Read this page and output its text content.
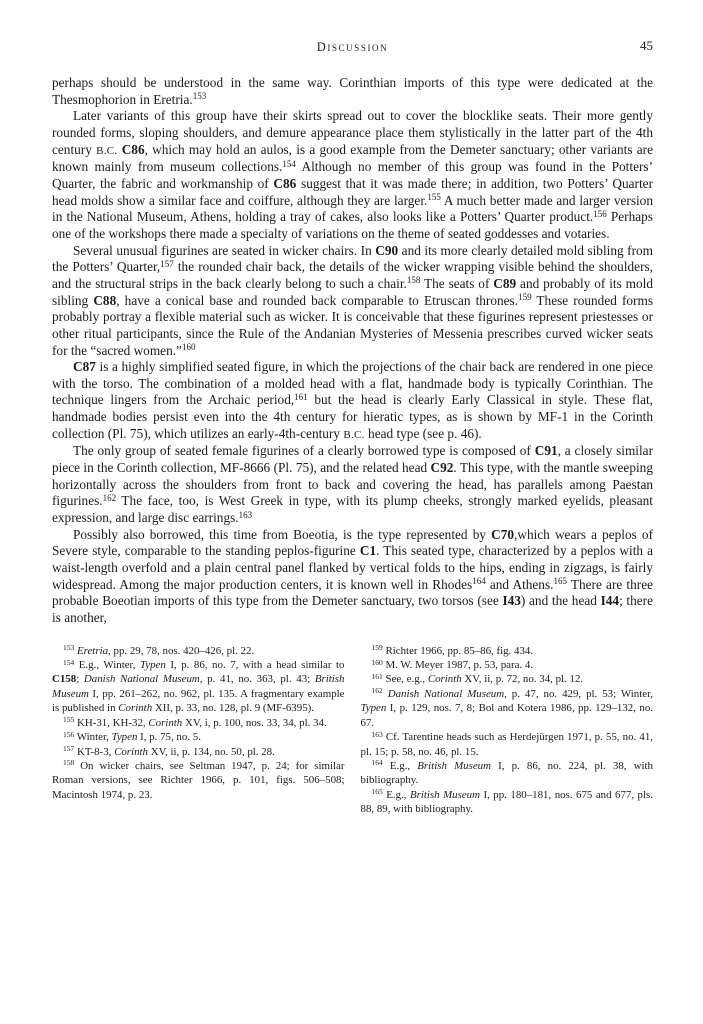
Discussion	45

perhaps should be understood in the same way. Corinthian imports of this type were dedicated at the Thesmophorion in Eretria.$^{153}$

Later variants of this group have their skirts spread out to cover the blocklike seats. Their more gently rounded forms, sloping shoulders, and demure appearance place them stylistically in the latter part of the 4th century B.C. C86, which may hold an aulos, is a good example from the Demeter sanctuary; other variants are known mainly from museum collections.$^{154}$ Although no member of this group was found in the Potters’ Quarter, the fabric and workmanship of C86 suggest that it was made there; in addition, two Potters’ Quarter head molds show a similar face and coiffure, although they are larger.$^{155}$ A much better made and larger version in the National Museum, Athens, holding a tray of cakes, also looks like a Potters’ Quarter product.$^{156}$ Perhaps one of the workshops there made a specialty of variations on the theme of seated goddesses and votaries.

Several unusual figurines are seated in wicker chairs. In C90 and its more clearly detailed mold sibling from the Potters’ Quarter,$^{157}$ the rounded chair back, the details of the wicker wrapping visible behind the shoulders, and the structural strips in the back clearly belong to such a chair.$^{158}$ The seats of C89 and probably of its mold sibling C88, have a conical base and rounded back comparable to Etruscan thrones.$^{159}$ These rounded forms probably portray a flexible material such as wicker. It is conceivable that these figurines represent priestesses or other ritual participants, since the Rule of the Andanian Mysteries of Messenia prescribes curved wicker seats for the “sacred women.”$^{160}$

C87 is a highly simplified seated figure, in which the projections of the chair back are rendered in one piece with the torso. The combination of a molded head with a flat, handmade body is typically Corinthian. The technique lingers from the Archaic period,$^{161}$ but the head is clearly Early Classical in style. These flat, handmade bodies persist even into the 4th century for hieratic types, as is shown by MF-1 in the Corinth collection (Pl. 75), which utilizes an early-4th-century B.C. head type (see p. 46).

The only group of seated female figurines of a clearly borrowed type is composed of C91, a closely similar piece in the Corinth collection, MF-8666 (Pl. 75), and the related head C92. This type, with the mantle sweeping horizontally across the shoulders from front to back and covering the head, has parallels among Paestan figurines.$^{162}$ The face, too, is West Greek in type, with its plump cheeks, strongly marked eyelids, pleasant expression, and large disc earrings.$^{163}$

Possibly also borrowed, this time from Boeotia, is the type represented by C70,which wears a peplos of Severe style, comparable to the standing peplos-figurine C1. This seated type, characterized by a peplos with a waist-length overfold and a plain central panel flanked by vertical folds to the hips, ending in zigzags, is fairly widespread. Among the major production centers, it is known well in Rhodes$^{164}$ and Athens.$^{165}$ There are three probable Boeotian imports of this type from the Demeter sanctuary, two torsos (see I43) and the head I44; there is another,

$^{153}$ Eretria, pp. 29, 78, nos. 420–426, pl. 22.

$^{154}$ E.g., Winter, Typen I, p. 86, no. 7, with a head similar to C158; Danish National Museum, p. 41, no. 363, pl. 43; British Museum I, pp. 261–262, no. 962, pl. 135. A fragmentary example is published in Corinth XII, p. 33, no. 128, pl. 9 (MF-6395).

$^{155}$ KH-31, KH-32, Corinth XV, i, p. 100, nos. 33, 34, pl. 34.

$^{156}$ Winter, Typen I, p. 75, no. 5.

$^{157}$ KT-8-3, Corinth XV, ii, p. 134, no. 50, pl. 28.

$^{158}$ On wicker chairs, see Seltman 1947, p. 24; for similar Roman versions, see Richter 1966, p. 101, figs. 506–508; Macintosh 1974, p. 23.

$^{159}$ Richter 1966, pp. 85–86, fig. 434.

$^{160}$ M. W. Meyer 1987, p. 53, para. 4.

$^{161}$ See, e.g., Corinth XV, ii, p. 72, no. 34, pl. 12.

$^{162}$ Danish National Museum, p. 47, no. 429, pl. 53; Winter, Typen I, p. 129, nos. 7, 8; Bol and Kotera 1986, pp. 129–132, no. 67.

$^{163}$ Cf. Tarentine heads such as Herdejürgen 1971, p. 55, no. 41, pl. 15; p. 58, no. 46, pl. 15.

$^{164}$ E.g., British Museum I, p. 86, no. 224, pl. 38, with bibliography.

$^{165}$ E.g., British Museum I, pp. 180–181, nos. 675 and 677, pls. 88, 89, with bibliography.
